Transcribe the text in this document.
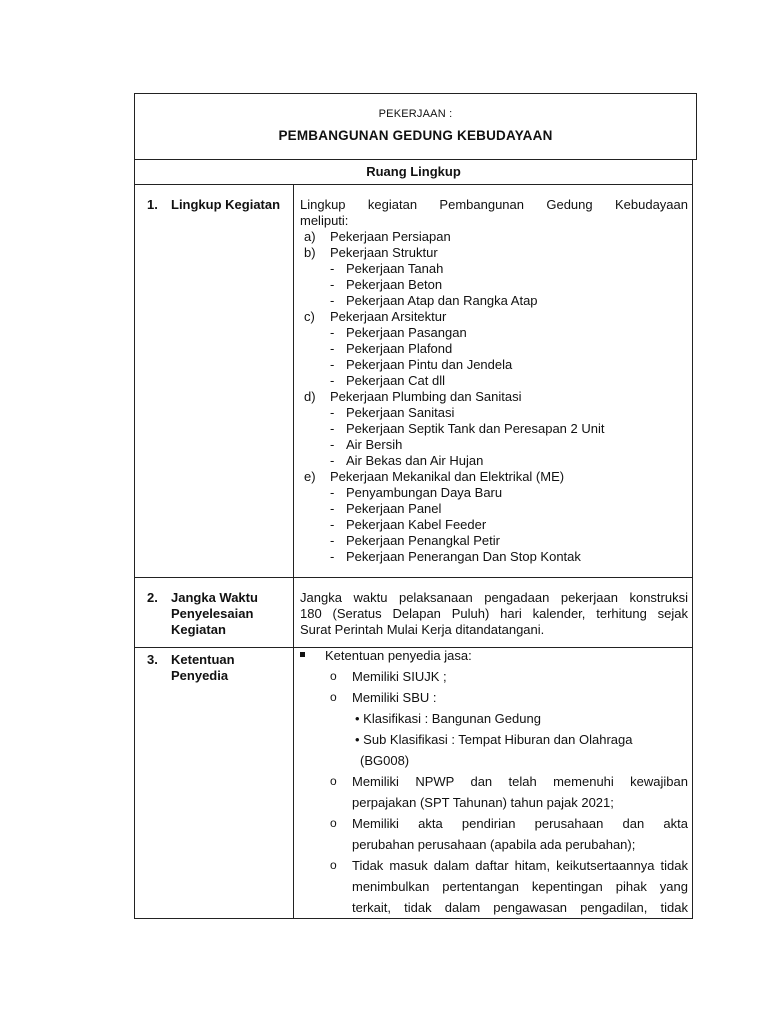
PEKERJAAN :
PEMBANGUNAN GEDUNG KEBUDAYAAN
Ruang Lingkup
1. Lingkup Kegiatan	Lingkup kegiatan Pembangunan Gedung Kebudayaan
meliputi:
a) Pekerjaan Persiapan
b) Pekerjaan Struktur
- Pekerjaan Tanah
- Pekerjaan Beton
- Pekerjaan Atap dan Rangka Atap
c) Pekerjaan Arsitektur
- Pekerjaan Pasangan
- Pekerjaan Plafond
- Pekerjaan Pintu dan Jendela
- Pekerjaan Cat dll
d) Pekerjaan Plumbing dan Sanitasi
- Pekerjaan Sanitasi
- Pekerjaan Septik Tank dan Peresapan 2 Unit
- Air Bersih
- Air Bekas dan Air Hujan
e) Pekerjaan Mekanikal dan Elektrikal (ME)
- Penyambungan Daya Baru
- Pekerjaan Panel
- Pekerjaan Kabel Feeder
- Pekerjaan Penangkal Petir
- Pekerjaan Penerangan Dan Stop Kontak
2. Jangka Waktu
Penyelesaian
Kegiatan
Jangka waktu pelaksanaan pengadaan pekerjaan konstruksi
180 (Seratus Delapan Puluh) hari kalender, terhitung sejak
Surat Perintah Mulai Kerja ditandatangani.
3. Ketentuan
Penyedia
Ketentuan penyedia jasa:
o Memiliki SIUJK ;
o Memiliki SBU :
• Klasifikasi : Bangunan Gedung
• Sub Klasifikasi : Tempat Hiburan dan Olahraga
(BG008)
o Memiliki NPWP dan telah memenuhi kewajiban
perpajakan (SPT Tahunan) tahun pajak 2021;
o Memiliki akta pendirian perusahaan dan akta
perubahan perusahaan (apabila ada perubahan);
o Tidak masuk dalam daftar hitam, keikutsertaannya tidak
menimbulkan pertentangan kepentingan pihak yang
terkait, tidak dalam pengawasan pengadilan, tidak
